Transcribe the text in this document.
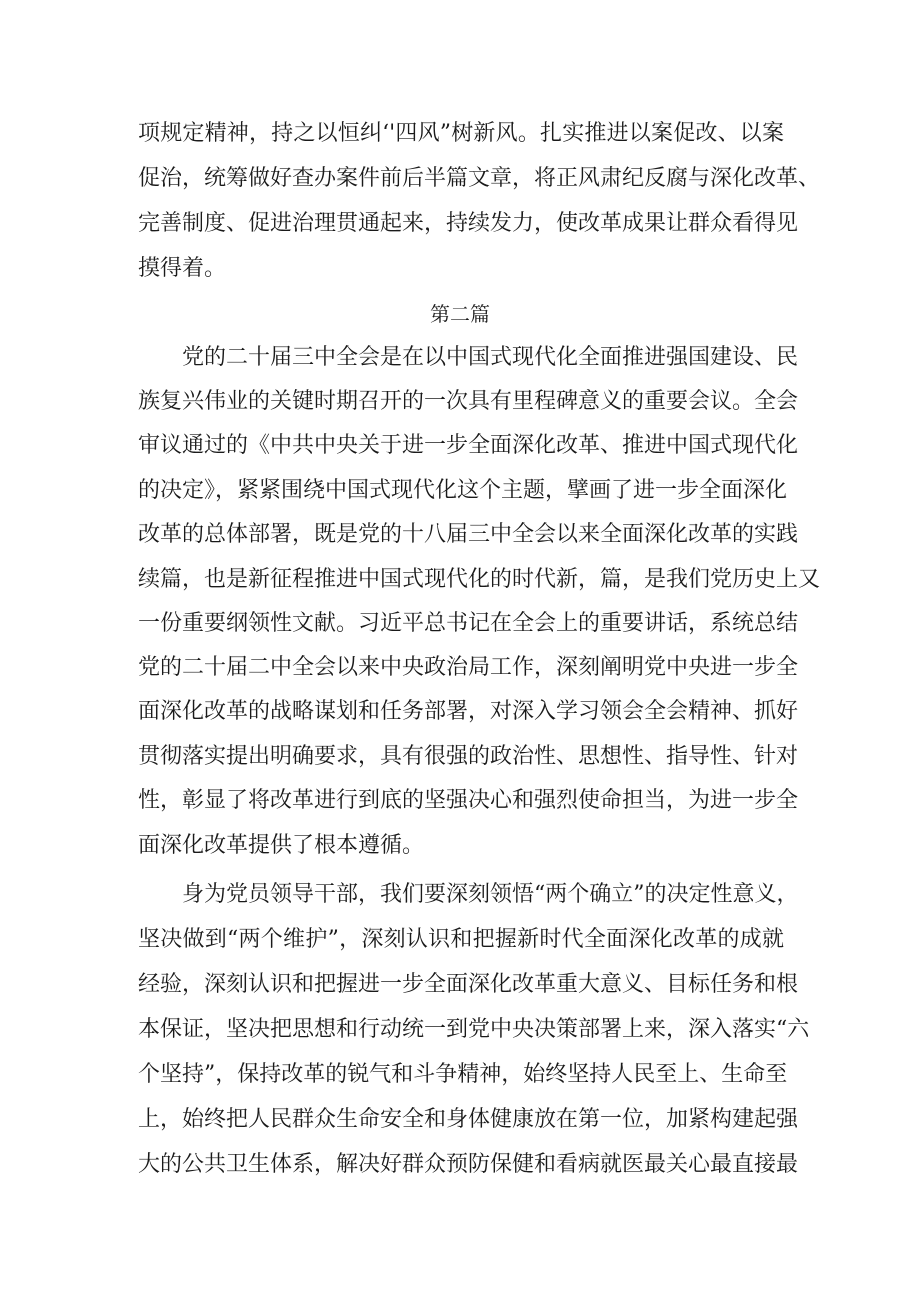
项规定精神，持之以恒纠‘'四风”树新风。扎实推进以案促改、以案
促治，统筹做好查办案件前后半篇文章，将正风肃纪反腐与深化改革、
完善制度、促进治理贯通起来，持续发力，使改革成果让群众看得见
摸得着。
第二篇
党的二十届三中全会是在以中国式现代化全面推进强国建设、民
族复兴伟业的关键时期召开的一次具有里程碑意义的重要会议。全会
审议通过的《中共中央关于进一步全面深化改革、推进中国式现代化
的决定》，紧紧围绕中国式现代化这个主题，擘画了进一步全面深化
改革的总体部署，既是党的十八届三中全会以来全面深化改革的实践
续篇，也是新征程推进中国式现代化的时代新，篇，是我们党历史上又
一份重要纲领性文献。习近平总书记在全会上的重要讲话，系统总结
党的二十届二中全会以来中央政治局工作，深刻阐明党中央进一步全
面深化改革的战略谋划和任务部署，对深入学习领会全会精神、抓好
贯彻落实提出明确要求，具有很强的政治性、思想性、指导性、针对
性，彰显了将改革进行到底的坚强决心和强烈使命担当，为进一步全
面深化改革提供了根本遵循。
身为党员领导干部，我们要深刻领悟“两个确立”的决定性意义，
坚决做到“两个维护”，深刻认识和把握新时代全面深化改革的成就
经验，深刻认识和把握进一步全面深化改革重大意义、目标任务和根
本保证，坚决把思想和行动统一到党中央决策部署上来，深入落实“六
个坚持”，保持改革的锐气和斗争精神，始终坚持人民至上、生命至
上，始终把人民群众生命安全和身体健康放在第一位，加紧构建起强
大的公共卫生体系，解决好群众预防保健和看病就医最关心最直接最
